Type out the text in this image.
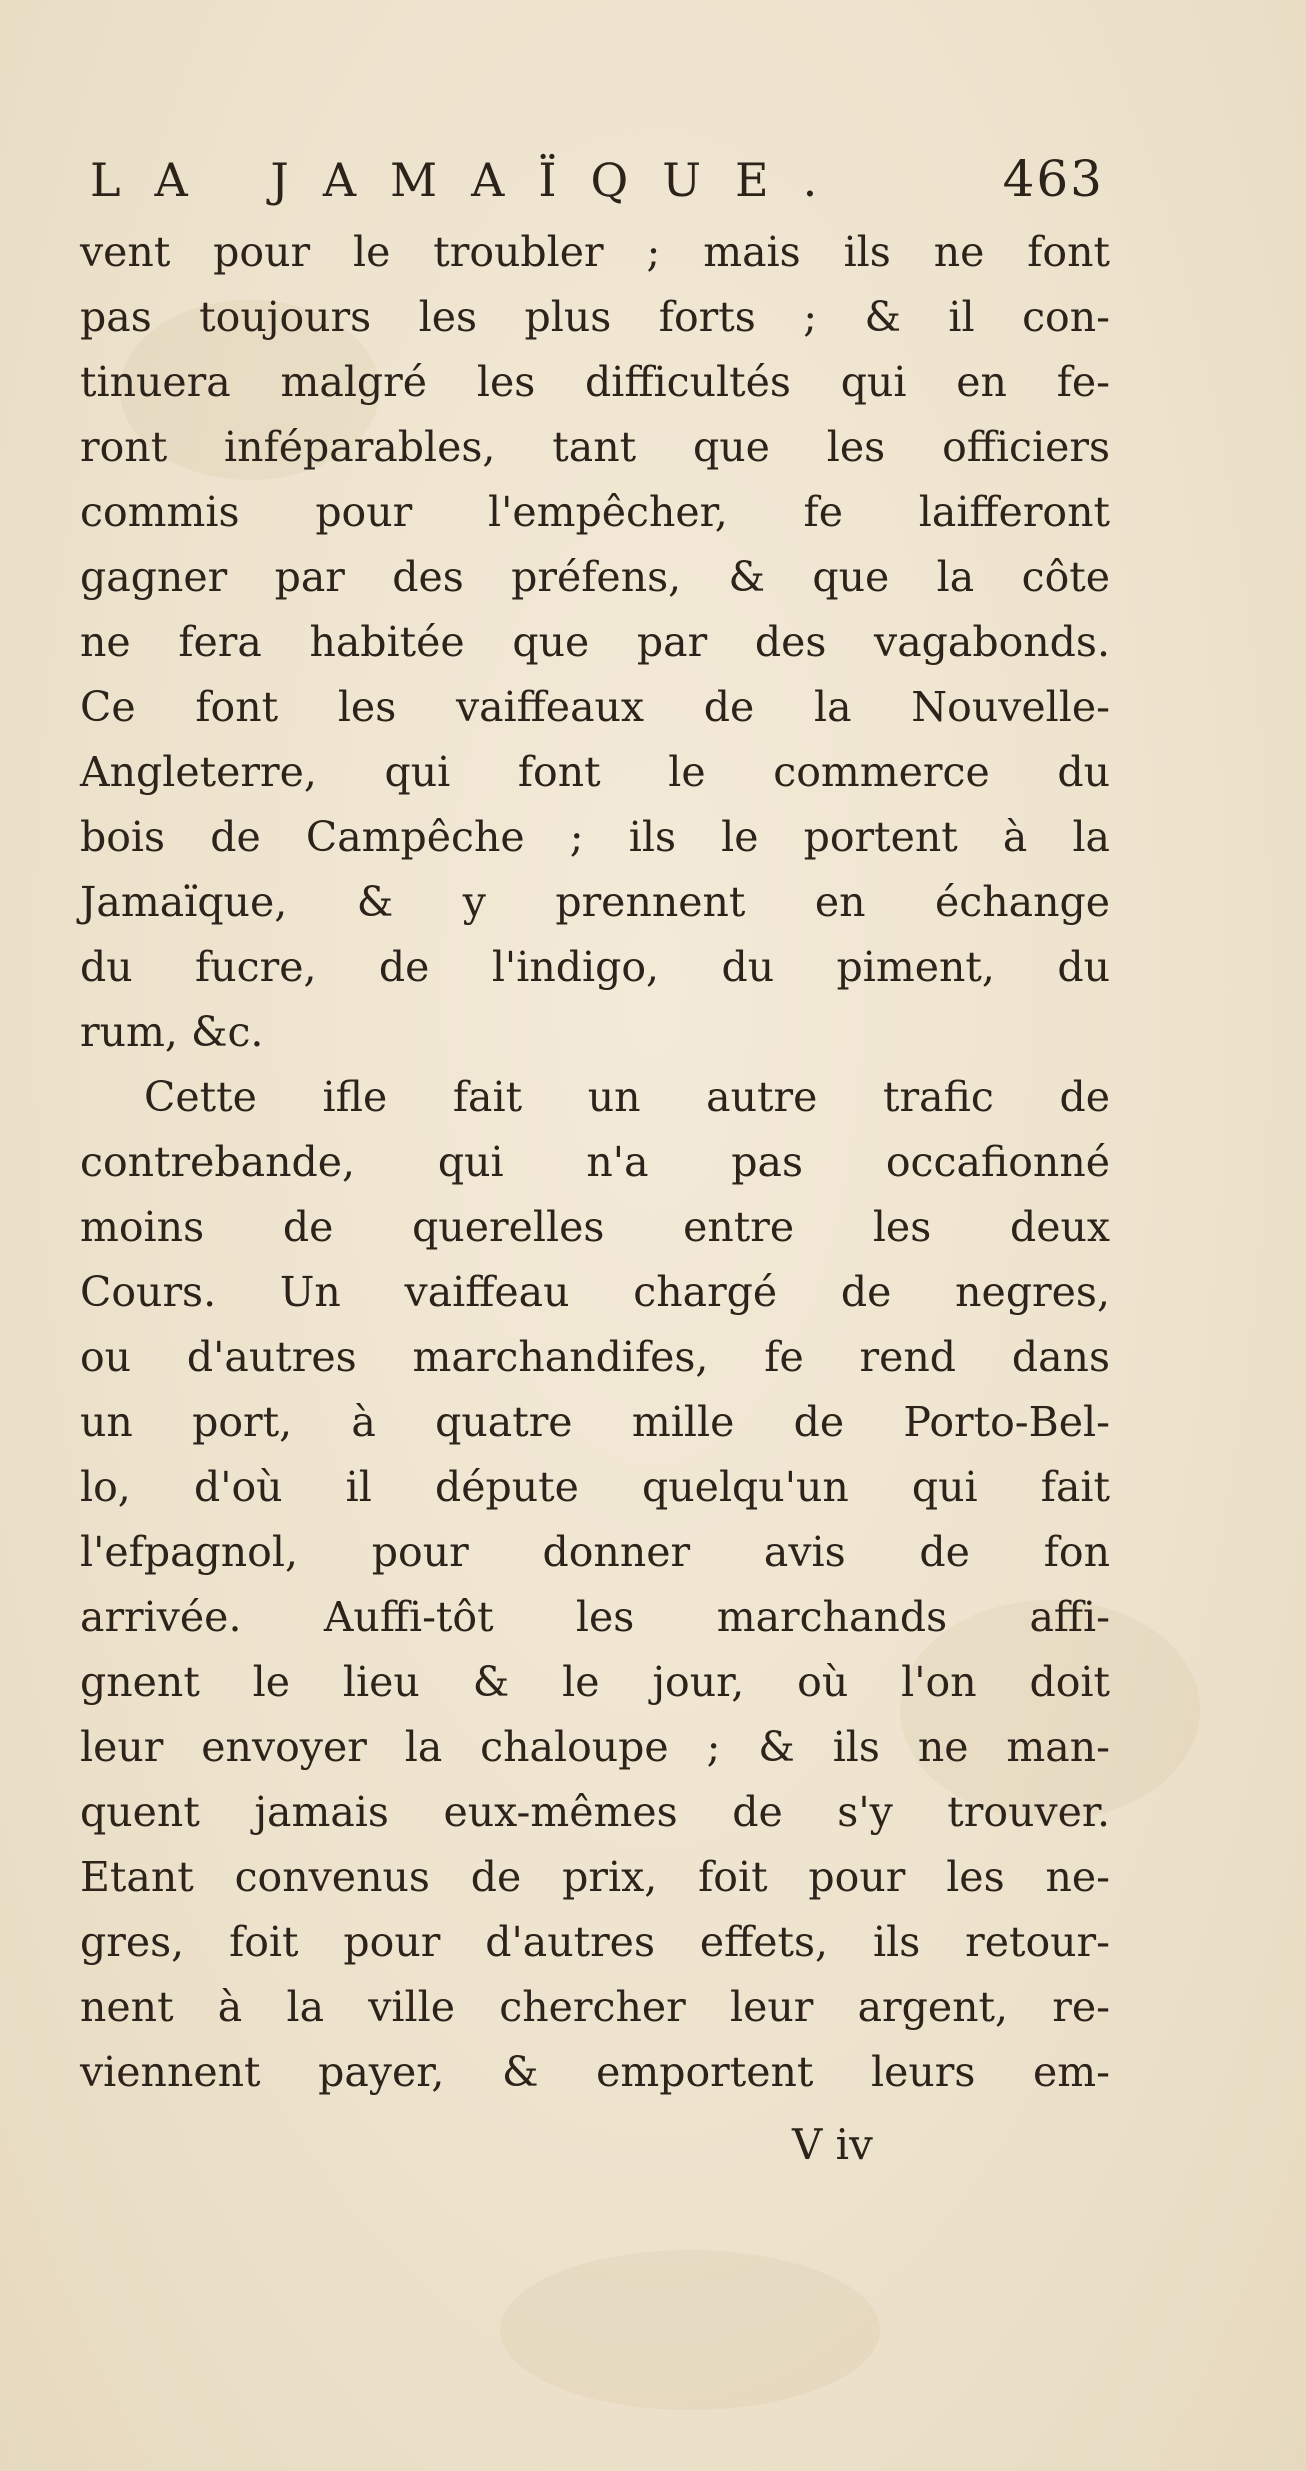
LA JAMAÏQUE.	463
vent pour le troubler ; mais ils ne font
pas toujours les plus forts ; & il con-
tinuera malgré les difficultés qui en fe-
ront inféparables, tant que les officiers
commis pour l'empêcher, fe laifferont
gagner par des préfens, & que la côte
ne fera habitée que par des vagabonds.
Ce font les vaiffeaux de la Nouvelle-
Angleterre, qui font le commerce du
bois de Campêche ; ils le portent à la
Jamaïque, & y prennent en échange
du fucre, de l'indigo, du piment, du
rum, &c.
Cette ifle fait un autre trafic de
contrebande, qui n'a pas occafionné
moins de querelles entre les deux
Cours. Un vaiffeau chargé de negres,
ou d'autres marchandifes, fe rend dans
un port, à quatre mille de Porto-Bel-
lo, d'où il députe quelqu'un qui fait
l'efpagnol, pour donner avis de fon
arrivée. Auffi-tôt les marchands affi-
gnent le lieu & le jour, où l'on doit
leur envoyer la chaloupe ; & ils ne man-
quent jamais eux-mêmes de s'y trouver.
Etant convenus de prix, foit pour les ne-
gres, foit pour d'autres effets, ils retour-
nent à la ville chercher leur argent, re-
viennent payer, & emportent leurs em-
V iv
